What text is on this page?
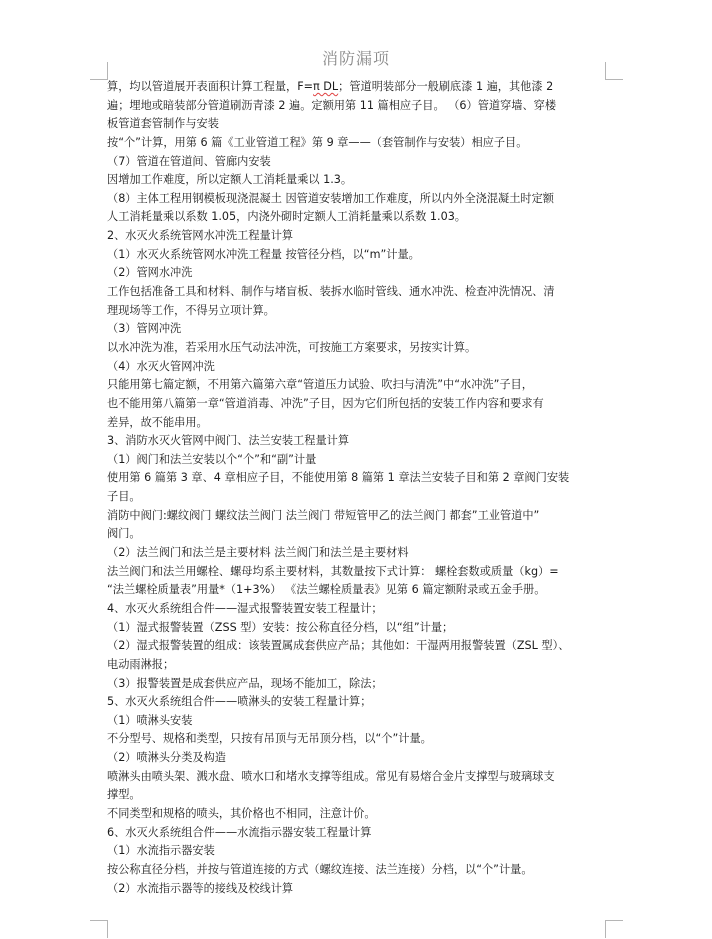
消防漏项
算，均以管道展开表面积计算工程量，F=π DL；管道明装部分一般刷底漆 1 遍，其他漆 2
遍；埋地或暗装部分管道刷沥青漆 2 遍。定额用第 11 篇相应子目。 （6）管道穿墙、穿楼
板管道套管制作与安装
按“个”计算，用第 6 篇《工业管道工程》第 9 章——（套管制作与安装）相应子目。
（7）管道在管道间、管廊内安装
因增加工作难度，所以定额人工消耗量乘以 1.3。
（8）主体工程用钢模板现浇混凝土 因管道安装增加工作难度，所以内外全浇混凝土时定额
人工消耗量乘以系数 1.05，内浇外砌时定额人工消耗量乘以系数 1.03。
2、水灭火系统管网水冲洗工程量计算
（1）水灭火系统管网水冲洗工程量 按管径分档，以“m”计量。
（2）管网水冲洗
工作包括准备工具和材料、制作与堵盲板、装拆水临时管线、通水冲洗、检查冲洗情况、清
理现场等工作，不得另立项计算。
（3）管网冲洗
以水冲洗为准，若采用水压气动法冲洗，可按施工方案要求，另按实计算。
（4）水灭火管网冲洗
只能用第七篇定额，不用第六篇第六章“管道压力试验、吹扫与清洗”中“水冲洗”子目，
也不能用第八篇第一章“管道消毒、冲洗”子目，因为它们所包括的安装工作内容和要求有
差异，故不能串用。
3、消防水灭火管网中阀门、法兰安装工程量计算
（1）阀门和法兰安装以个“个”和“副”计量
使用第 6 篇第 3 章、4 章相应子目，不能使用第 8 篇第 1 章法兰安装子目和第 2 章阀门安装
子目。
消防中阀门:螺纹阀门 螺纹法兰阀门 法兰阀门 带短管甲乙的法兰阀门 都套”工业管道中”
阀门。
（2）法兰阀门和法兰是主要材料 法兰阀门和法兰是主要材料
法兰阀门和法兰用螺栓、螺母均系主要材料，其数量按下式计算： 螺栓套数或质量（kg）=
“法兰螺栓质量表”用量*（1+3%） 《法兰螺栓质量表》见第 6 篇定额附录或五金手册。
4、水灭火系统组合件——湿式报警装置安装工程量计；
（1）湿式报警装置（ZSS 型）安装：按公称直径分档，以“组”计量；
（2）湿式报警装置的组成：该装置属成套供应产品；其他如：干湿两用报警装置（ZSL 型）、
电动雨淋报；
（3）报警装置是成套供应产品，现场不能加工，除法；
5、水灭火系统组合件——喷淋头的安装工程量计算；
（1）喷淋头安装
不分型号、规格和类型，只按有吊顶与无吊顶分档，以“个”计量。
（2）喷淋头分类及构造
喷淋头由喷头架、溅水盘、喷水口和堵水支撑等组成。常见有易熔合金片支撑型与玻璃球支
撑型。
不同类型和规格的喷头，其价格也不相同，注意计价。
6、水灭火系统组合件——水流指示器安装工程量计算
（1）水流指示器安装
按公称直径分档，并按与管道连接的方式（螺纹连接、法兰连接）分档，以“个”计量。
（2）水流指示器等的接线及校线计算
